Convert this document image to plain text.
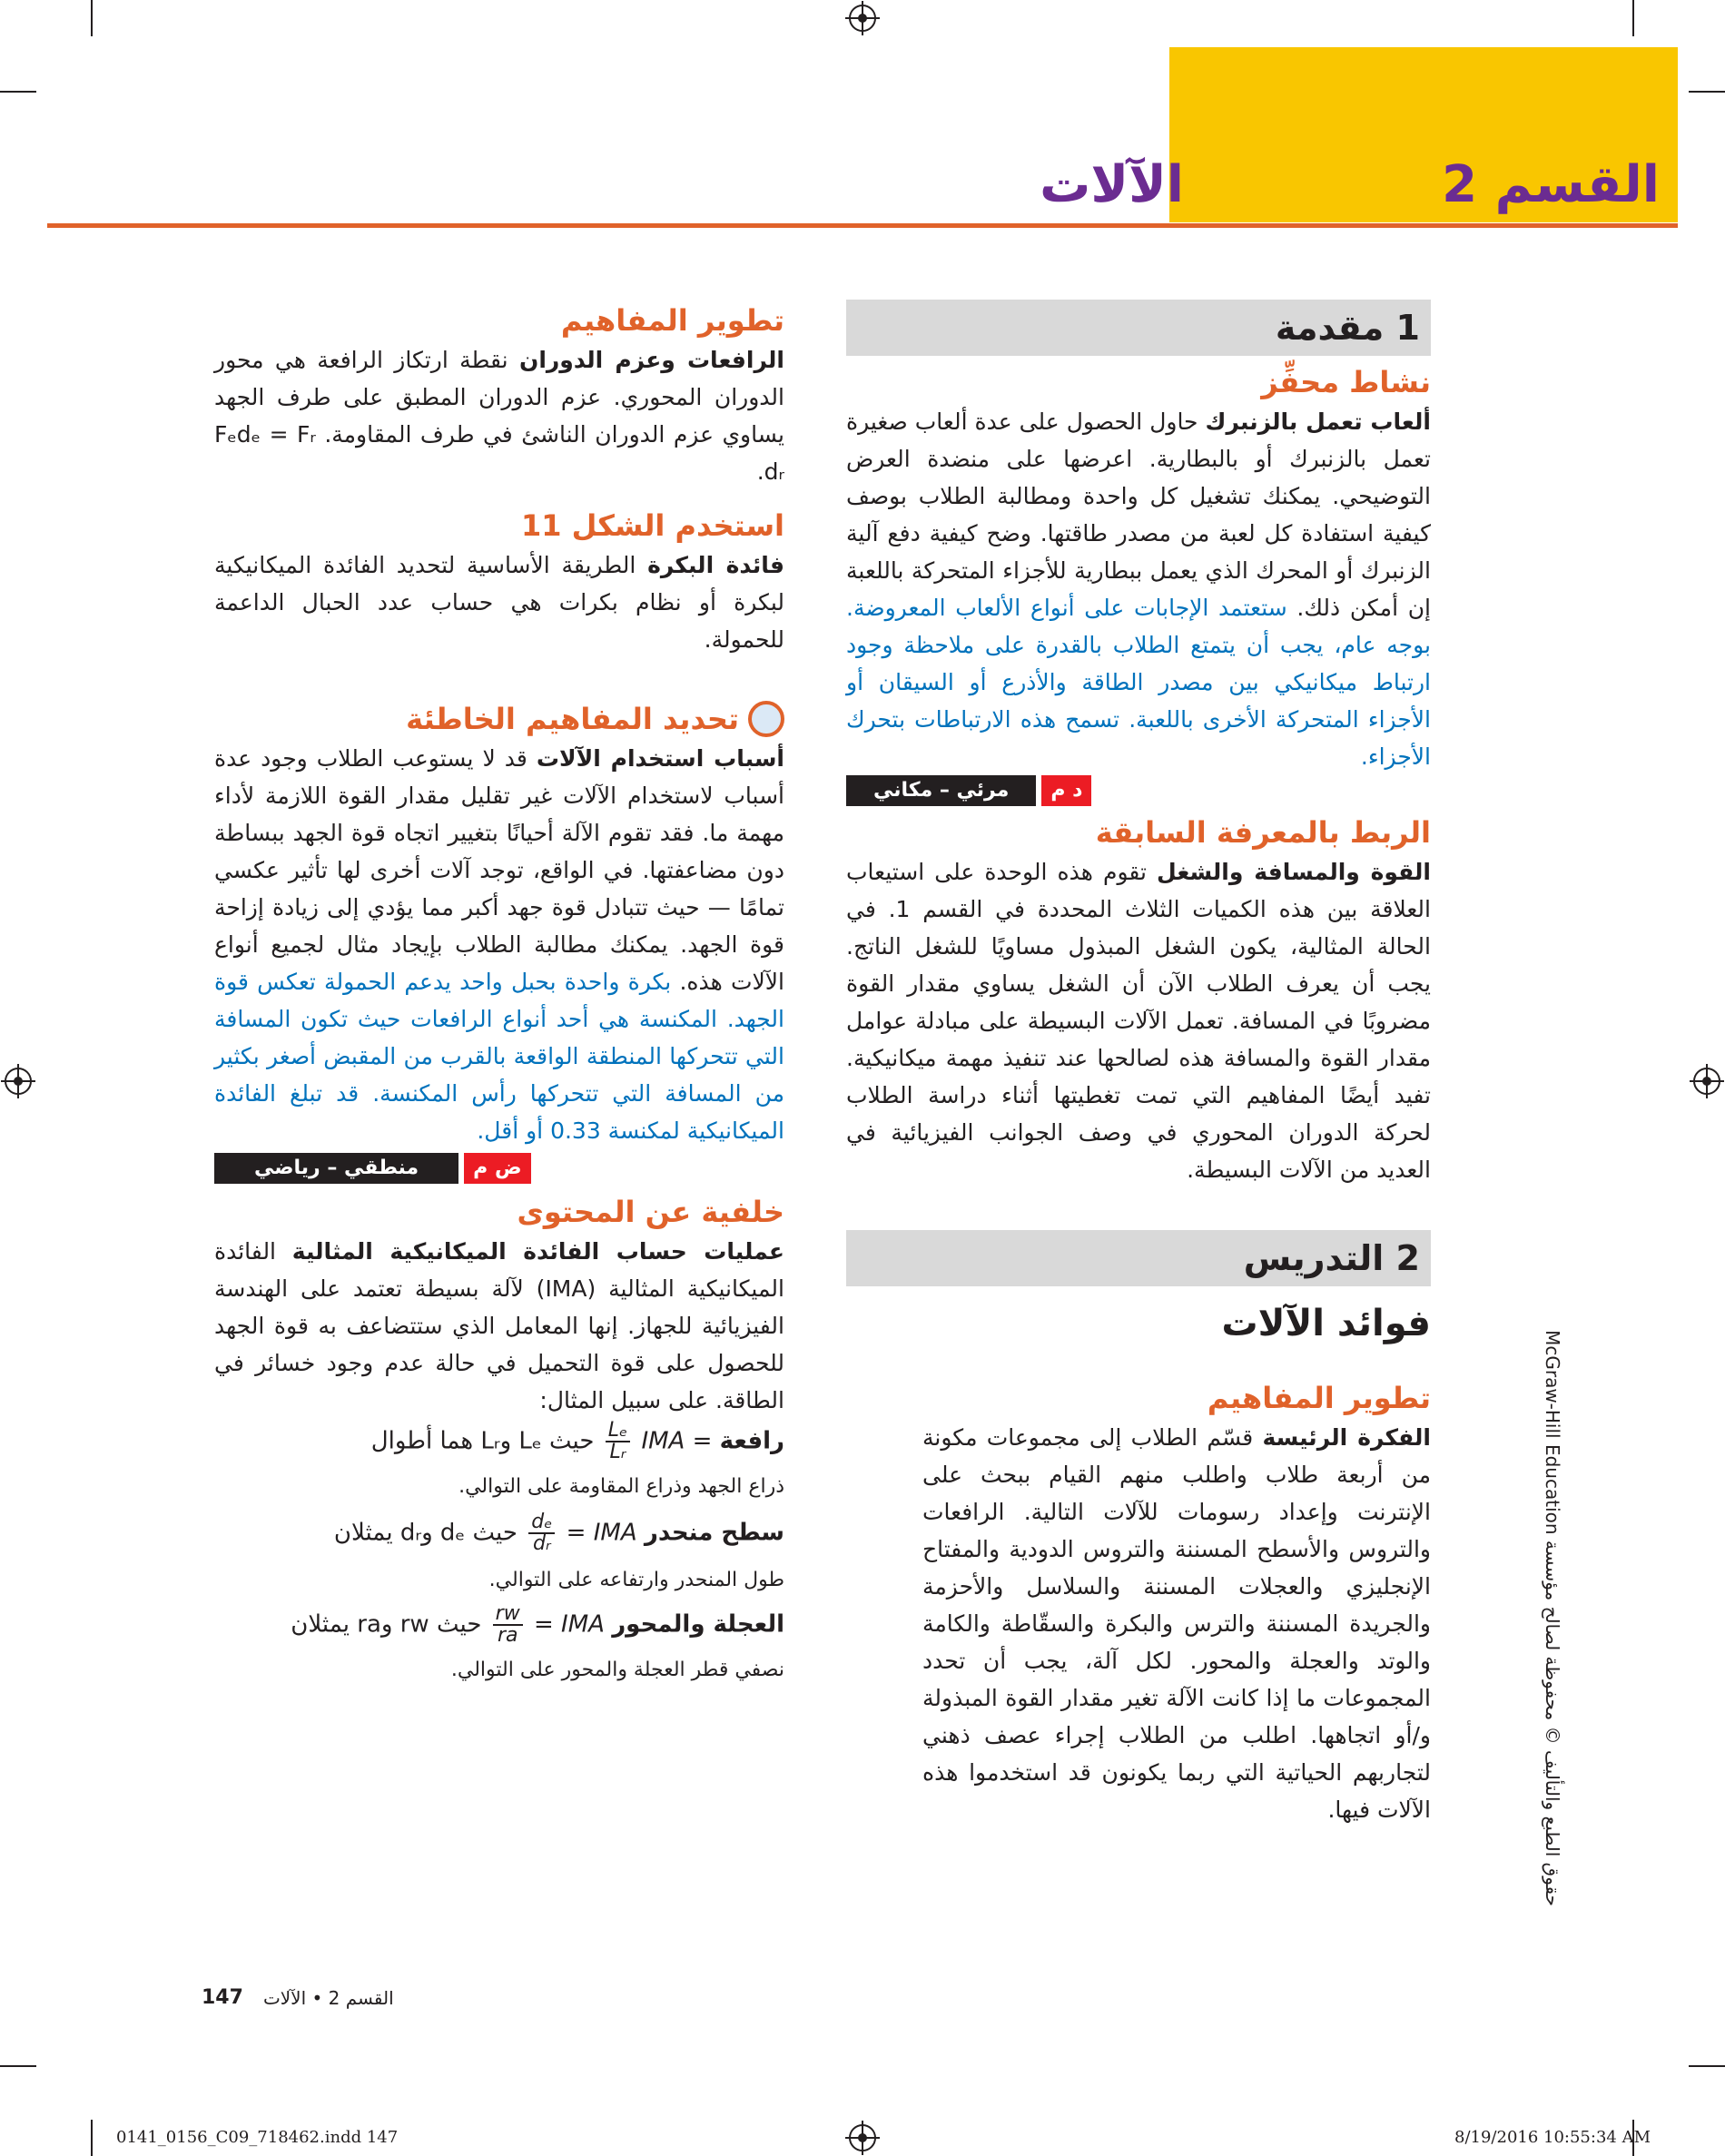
القسم 2
الآلات
1 مقدمة
نشاط محفِّز

ألعاب تعمل بالزنبرك حاول الحصول على عدة ألعاب صغيرة تعمل بالزنبرك أو بالبطارية. اعرضها على منضدة العرض التوضيحي. يمكنك تشغيل كل واحدة ومطالبة الطلاب بوصف كيفية استفادة كل لعبة من مصدر طاقتها. وضح كيفية دفع آلية الزنبرك أو المحرك الذي يعمل ببطارية للأجزاء المتحركة باللعبة إن أمكن ذلك. ستعتمد الإجابات على أنواع الألعاب المعروضة. بوجه عام، يجب أن يتمتع الطلاب بالقدرة على ملاحظة وجود ارتباط ميكانيكي بين مصدر الطاقة والأذرع أو السيقان أو الأجزاء المتحركة الأخرى باللعبة. تسمح هذه الارتباطات بتحرك الأجزاء.

د م
مرئي – مكاني
الربط بالمعرفة السابقة

القوة والمسافة والشغل تقوم هذه الوحدة على استيعاب العلاقة بين هذه الكميات الثلاث المحددة في القسم 1. في الحالة المثالية، يكون الشغل المبذول مساويًا للشغل الناتج. يجب أن يعرف الطلاب الآن أن الشغل يساوي مقدار القوة مضروبًا في المسافة. تعمل الآلات البسيطة على مبادلة عوامل مقدار القوة والمسافة هذه لصالحها عند تنفيذ مهمة ميكانيكية. تفيد أيضًا المفاهيم التي تمت تغطيتها أثناء دراسة الطلاب لحركة الدوران المحوري في وصف الجوانب الفيزيائية في العديد من الآلات البسيطة.

2 التدريس
فوائد الآلات
تطوير المفاهيم

الفكرة الرئيسة قسّم الطلاب إلى مجموعات مكونة من أربعة طلاب واطلب منهم القيام ببحث على الإنترنت وإعداد رسومات للآلات التالية. الرافعات والتروس والأسطح المسننة والتروس الدودية والمفتاح الإنجليزي والعجلات المسننة والسلاسل والأحزمة والجريدة المسننة والترس والبكرة والسقّاطة والكامة والوتد والعجلة والمحور. لكل آلة، يجب أن تحدد المجموعات ما إذا كانت الآلة تغير مقدار القوة المبذولة و/أو اتجاهها. اطلب من الطلاب إجراء عصف ذهني لتجاربهم الحياتية التي ربما يكونون قد استخدموا هذه الآلات فيها.

تطوير المفاهيم

الرافعات وعزم الدوران نقطة ارتكاز الرافعة هي محور الدوران المحوري. عزم الدوران المطبق على طرف الجهد يساوي عزم الدوران الناشئ في طرف المقاومة. Fₑdₑ = Fᵣ dᵣ.

استخدم الشكل 11

فائدة البكرة الطريقة الأساسية لتحديد الفائدة الميكانيكية لبكرة أو نظام بكرات هي حساب عدد الحبال الداعمة للحمولة.

تحديد المفاهيم الخاطئة

أسباب استخدام الآلات قد لا يستوعب الطلاب وجود عدة أسباب لاستخدام الآلات غير تقليل مقدار القوة اللازمة لأداء مهمة ما. فقد تقوم الآلة أحيانًا بتغيير اتجاه قوة الجهد ببساطة دون مضاعفتها. في الواقع، توجد آلات أخرى لها تأثير عكسي تمامًا — حيث تتبادل قوة جهد أكبر مما يؤدي إلى زيادة إزاحة قوة الجهد. يمكنك مطالبة الطلاب بإيجاد مثال لجميع أنواع الآلات هذه. بكرة واحدة بحبل واحد يدعم الحمولة تعكس قوة الجهد. المكنسة هي أحد أنواع الرافعات حيث تكون المسافة التي تتحركها المنطقة الواقعة بالقرب من المقبض أصغر بكثير من المسافة التي تتحركها رأس المكنسة. قد تبلغ الفائدة الميكانيكية لمكنسة 0.33 أو أقل.

ض م
منطقي – رياضي
خلفية عن المحتوى

عمليات حساب الفائدة الميكانيكية المثالية الفائدة الميكانيكية المثالية (IMA) لآلة بسيطة تعتمد على الهندسة الفيزيائية للجهاز. إنها المعامل الذي ستتضاعف به قوة الجهد للحصول على قوة التحميل في حالة عدم وجود خسائر في الطاقة. على سبيل المثال:

رافعة IMA =
$\frac{\text{Lₑ}}{\text{Lᵣ}}$
حيث Lₑ وLᵣ هما أطوال

ذراع الجهد وذراع المقاومة على التوالي.

سطح منحدر IMA =
$\frac{\text{dₑ}}{\text{dᵣ}}$
حيث dₑ وdᵣ يمثلان

طول المنحدر وارتفاعه على التوالي.

العجلة والمحور IMA =
$\frac{rw}{ra}$
حيث rw وra يمثلان

نصفي قطر العجلة والمحور على التوالي.

حقوق الطبع والتأليف © محفوظة لصالح مؤسسة McGraw-Hill Education
القسم 2 • الآلات
147
0141_0156_C09_718462.indd 147	8/19/2016 10:55:34 AM
